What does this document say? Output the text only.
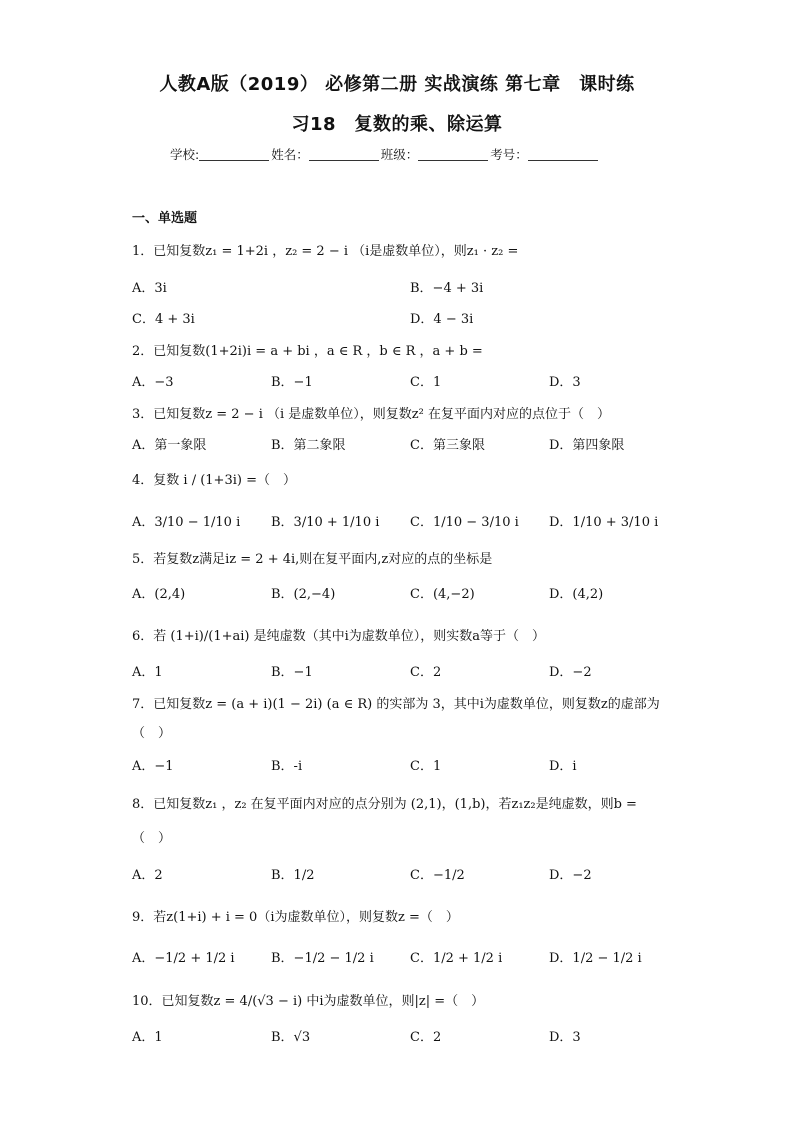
人教A版（2019） 必修第二册 实战演练 第七章　课时练
习18　复数的乘、除运算
学校:	姓名：	班级：	考号：
一、单选题
1．已知复数z₁ = 1+2i ，z₂ = 2 − i （i是虚数单位），则z₁ · z₂ =
A．3i	B．−4 + 3i
C．4 + 3i	D．4 − 3i
2．已知复数(1+2i)i = a + bi ，a ∈ R ，b ∈ R ，a + b =
A．−3	B．−1	C．1	D．3
3．已知复数z = 2 − i （i 是虚数单位），则复数z² 在复平面内对应的点位于（　）
A．第一象限	B．第二象限	C．第三象限	D．第四象限
4．复数 i / (1+3i) =（　）
A．3/10 − 1/10 i B．3/10 + 1/10 i C．1/10 − 3/10 i D．1/10 + 3/10 i
5．若复数z满足iz = 2 + 4i,则在复平面内,z对应的点的坐标是
A．(2,4)	B．(2,−4)	C．(4,−2)	D．(4,2)
6．若 (1+i)/(1+ai) 是纯虚数（其中i为虚数单位），则实数a等于（　）
A．1	B．−1	C．2	D．−2
7．已知复数z = (a + i)(1 − 2i) (a ∈ R) 的实部为 3，其中i为虚数单位，则复数z的虚部为
（　）
A．−1	B．-i	C．1	D．i
8．已知复数z₁ ，z₂ 在复平面内对应的点分别为 (2,1)，(1,b)，若z₁z₂是纯虚数，则b =
（　）
A．2	B．1/2	C．−1/2	D．−2
9．若z(1+i) + i = 0（i为虚数单位），则复数z =（　）
A．−1/2 + 1/2 i	B．−1/2 − 1/2 i	C．1/2 + 1/2 i	D．1/2 − 1/2 i
10．已知复数z = 4/(√3 − i) 中i为虚数单位，则|z| =（　）
A．1	B．√3	C．2	D．3
